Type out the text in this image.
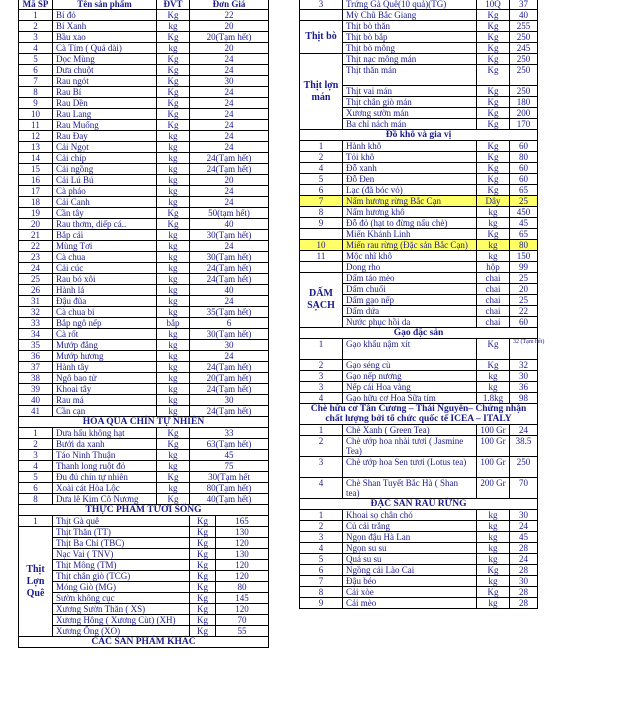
Mã SP	Tên sản phẩm	ĐVT	Đơn Giá	
1	Bí đỏ	Kg	22	
2	Bí Xanh	kg	20	
3	Bầu xao	Kg	20(Tạm hết)	
4	Cà Tím ( Quả dài)	kg	20	
5	Dọc Mùng	Kg	24	
6	Dưa chuột	Kg	24	
7	Rau ngót	Kg	30	
8	Rau Bí	Kg	24	
9	Rau Dền	Kg	24	
10	Rau Lang	Kg	24	
11	Rau Muống	Kg	24	
12	Rau Đay	kg	24	
13	Cải Ngọt	kg	24	
14	Cải chíp	kg	24(Tạm hết)	
15	Cải ngồng	kg	24(Tạm hết)	
16	Cải Lú Bú	kg	20	
17	Cà pháo	kg	24	
18	Cải Canh	kg	24	
19	Cần tây	Kg	50(tạm hết)	
20	Rau thơm, diếp cá..	Kg	40	
21	Bắp cải	kg	30(Tạm hết)	
22	Mùng Tơi	kg	24	
23	Cà chua	kg	30(Tạm hết)	
24	Cải cúc	kg	24(Tạm hết)	
25	Rau bó xôi	kg	24(Tạm hết)	
26	Hành lá	kg	40	
31	Đậu đũa	kg	24	
32	Cà chua bi	kg	35(Tạm hết)	
33	Bắp ngô nếp	bắp	6	
34	Cà rốt	kg	30(Tạm hết)	
35	Mướp đắng	kg	30	
36	Mướp hương	kg	24	
37	Hành tây	kg	24(Tạm hết)	
38	Ngô bao tử	kg	20(Tạm hết)	
39	Khoai tây	kg	24(Tạm hết)	
40	Rau má	kg	30	
41	Cần cạn	kg	24(Tạm hết)	
HOA QUẢ CHÍN TỰ NHIÊN				
1	Dưa hấu không hạt	Kg	33	
2	Bưởi da xanh	Kg	63(Tạm hết)	
3	Táo Ninh Thuận	kg	45	
4	Thanh long ruột đỏ	kg	75	
5	Đu đủ chín tự nhiên	Kg	30(Tạm hết	
6	Xoài cát Hòa Lộc	kg	80(Tạm hết)	
8	Dưa lê Kim Cô Nương	Kg	40(Tạm hết)	
THỰC PHẨM TƯƠI SỐNG				
1	Thịt Gà quê		Kg	165
Thịt Lợn Quê	Thịt Thăn (TT)		Kg	130
	Thịt Ba Chỉ (TBC)		Kg	120
	Nạc Vai ( TNV)		Kg	130
	Thịt Mông (TM)		Kg	120
	Thịt chân giò (TCG)		Kg	120
	Móng Giò (MG)		Kg	80
	Sườn không cục		Kg	145
	Xương Sườn Thăn ( XS)		Kg	120
	Xương Hông ( Xương Cùt) (XH)		Kg	70
	Xương Ống (XO)		Kg	55
CÁC SẢN PHẨM KHÁC				
3	Trứng Gà Quê(10 quả)(TG)	10Q	37
	Mỳ Chũ Bắc Giang	Kg	40
Thịt bò	Thịt bò thăn	Kg	255
	Thịt bò bắp	Kg	250
	Thịt bò mông	Kg	245
Thịt lợn mán	Thịt nạc mông mán	Kg	250
	Thịt thăn mán	Kg	250
	Thịt vai mán	Kg	250
	Thịt chân giò mán	Kg	180
	Xương sườn mán	Kg	200
	Ba chỉ nách mán	Kg	170
Đồ khô và gia vị			
1	Hành khô	Kg	60
2	Tỏi khô	Kg	80
4	Đỗ xanh	Kg	60
5	Đỗ Đen	Kg	60
6	Lạc (đã bóc vỏ)	Kg	65
7	Nấm hương rừng Bắc Cạn	Dây	25
8	Nấm hương khô	kg	450
9	Đỗ đỏ (hạt to đừng nấu chè)	kg	45
	Miến Khánh Linh	Kg	65
10	Miến rau rừng (Đặc sản Bắc Cạn)	kg	80
11	Mộc nhĩ khô	kg	150
	Dong rho	hộp	99
DẤM SẠCH	Dấm táo mèo	chai	25
	Dấm chuối	chai	20
	Dấm gạo nếp	chai	25
	Dấm dứa	chai	22
	Nước phục hồi da	chai	60
Gạo đặc sản			
1	Gạo khẩu nậm xít	Kg	32 (Tạm hết)
2	Gạo séng cù	Kg	32
3	Gạo nếp nương	kg	30
3	Nếp cái Hoa vàng	kg	36
4	Gạo hữu cơ Hoa Sữa tím	1.8kg	98
Chè hữu cơ Tân Cương – Thái Nguyên– Chứng nhận chất lượng bởi tổ chức quốc tế ICEA – ITALY			
1	Chè Xanh ( Green Tea)	100 Gr	24
2	Chè ướp hoa nhài tươi ( Jasmine Tea)	100 Gr	38.5
3	Chè ướp hoa Sen tươi (Lotus tea)	100 Gr	250
4	Chè Shan Tuyết Bắc Hà ( Shan tea)	200 Gr	70
ĐẶC SẢN RAU RỪNG			
1	Khoai sọ chân chó	kg	30
2	Củ cải trắng	kg	24
3	Ngọn đậu Hà Lan	kg	45
4	Ngọn su su	kg	28
5	Quả su su	kg	24
6	Ngồng cải Lào Cai	Kg	28
7	Đậu béo	kg	30
8	Cải xòe	Kg	28
9	Cải mèo	kg	28
